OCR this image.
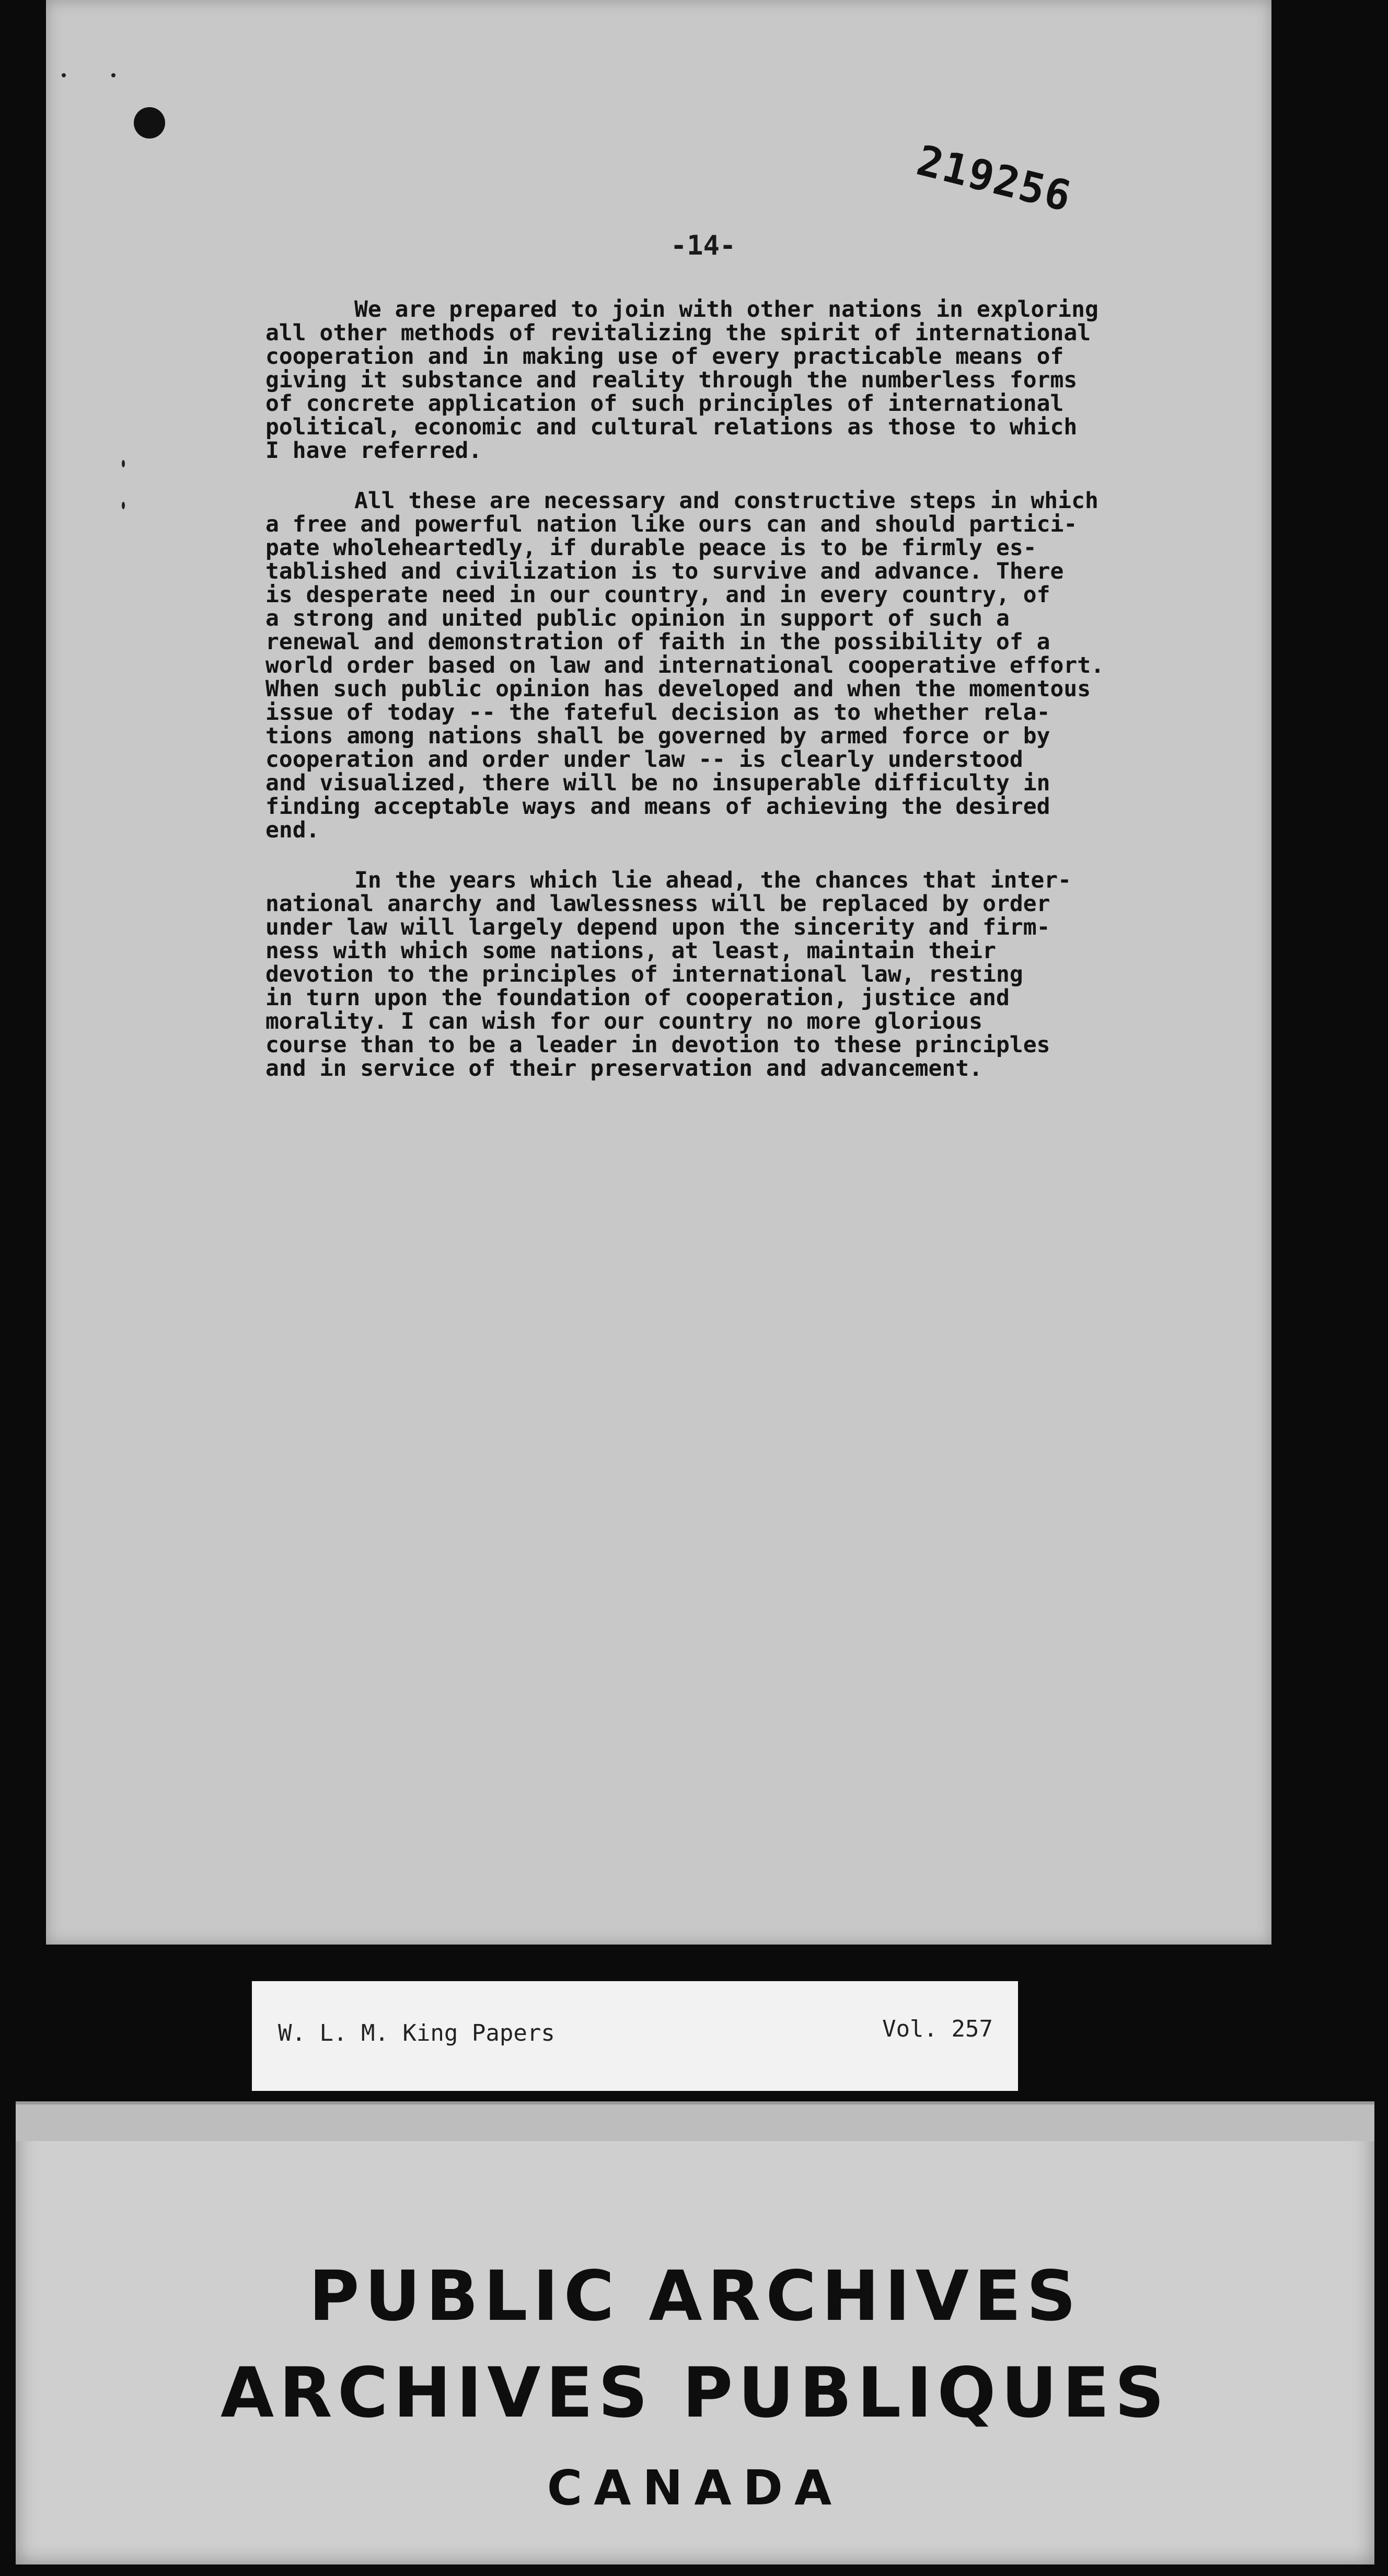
219256
-14-

We are prepared to join with other nations in exploring
all other methods of revitalizing the spirit of international
cooperation and in making use of every practicable means of
giving it substance and reality through the numberless forms
of concrete application of such principles of international
political, economic and cultural relations as those to which
I have referred.

All these are necessary and constructive steps in which
a free and powerful nation like ours can and should partici-
pate wholeheartedly, if durable peace is to be firmly es-
tablished and civilization is to survive and advance. There
is desperate need in our country, and in every country, of
a strong and united public opinion in support of such a
renewal and demonstration of faith in the possibility of a
world order based on law and international cooperative effort.
When such public opinion has developed and when the momentous
issue of today -- the fateful decision as to whether rela-
tions among nations shall be governed by armed force or by
cooperation and order under law -- is clearly understood
and visualized, there will be no insuperable difficulty in
finding acceptable ways and means of achieving the desired
end.

In the years which lie ahead, the chances that inter-
national anarchy and lawlessness will be replaced by order
under law will largely depend upon the sincerity and firm-
ness with which some nations, at least, maintain their
devotion to the principles of international law, resting
in turn upon the foundation of cooperation, justice and
morality. I can wish for our country no more glorious
course than to be a leader in devotion to these principles
and in service of their preservation and advancement.

W. L. M. King Papers	Vol. 257
PUBLIC ARCHIVES
ARCHIVES PUBLIQUES
CANADA
